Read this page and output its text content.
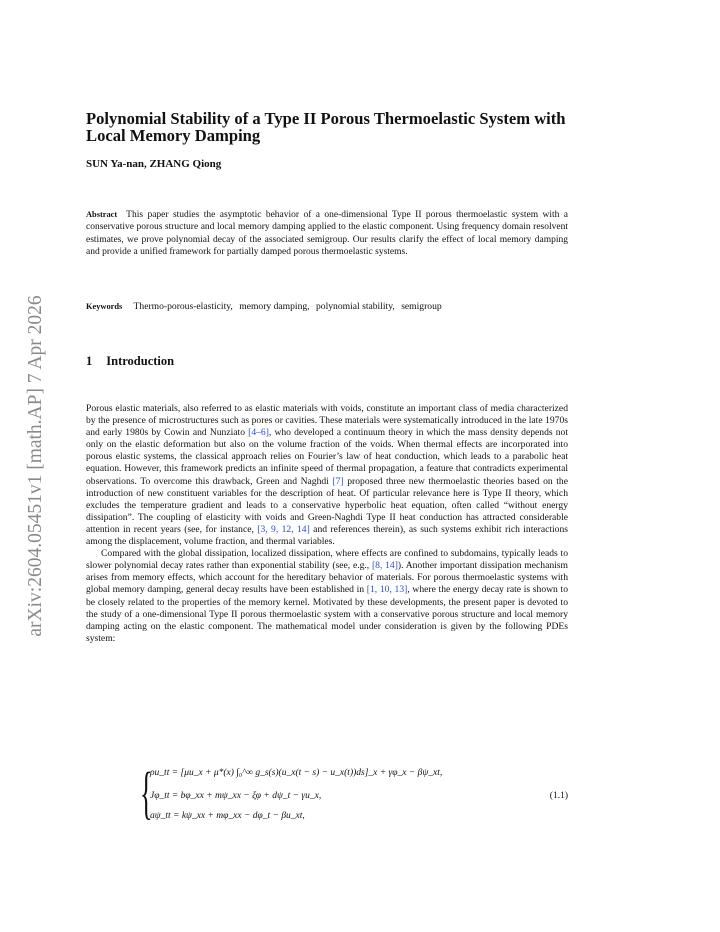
arXiv:2604.05451v1 [math.AP] 7 Apr 2026
Polynomial Stability of a Type II Porous Thermoelastic System with Local Memory Damping
SUN Ya-nan, ZHANG Qiong
Abstract This paper studies the asymptotic behavior of a one-dimensional Type II porous thermoelastic system with a conservative porous structure and local memory damping applied to the elastic component. Using frequency domain resolvent estimates, we prove polynomial decay of the associated semigroup. Our results clarify the effect of local memory damping and provide a unified framework for partially damped porous thermoelastic systems.
Keywords Thermo-porous-elasticity, memory damping, polynomial stability, semigroup
1 Introduction

Porous elastic materials, also referred to as elastic materials with voids, constitute an important class of media characterized by the presence of microstructures such as pores or cavities. These materials were systematically introduced in the late 1970s and early 1980s by Cowin and Nunziato [4–6], who developed a continuum theory in which the mass density depends not only on the elastic deformation but also on the volume fraction of the voids. When thermal effects are incorporated into porous elastic systems, the classical approach relies on Fourier’s law of heat conduction, which leads to a parabolic heat equation. However, this framework predicts an infinite speed of thermal propagation, a feature that contradicts experimental observations. To overcome this drawback, Green and Naghdi [7] proposed three new thermoelastic theories based on the introduction of new constituent variables for the description of heat. Of particular relevance here is Type II theory, which excludes the temperature gradient and leads to a conservative hyperbolic heat equation, often called “without energy dissipation”. The coupling of elasticity with voids and Green-Naghdi Type II heat conduction has attracted considerable attention in recent years (see, for instance, [3, 9, 12, 14] and references therein), as such systems exhibit rich interactions among the displacement, volume fraction, and thermal variables.

Compared with the global dissipation, localized dissipation, where effects are confined to subdomains, typically leads to slower polynomial decay rates rather than exponential stability (see, e.g., [8, 14]). Another important dissipation mechanism arises from memory effects, which account for the hereditary behavior of materials. For porous thermoelastic systems with global memory damping, general decay results have been established in [1, 10, 13], where the energy decay rate is shown to be closely related to the properties of the memory kernel. Motivated by these developments, the present paper is devoted to the study of a one-dimensional Type II porous thermoelastic system with a conservative porous structure and local memory damping acting on the elastic component. The mathematical model under consideration is given by the following PDEs system:

{
ρu_tt = [μu_x + μ*(x) ∫₀^∞ g_s(s)(u_x(t − s) − u_x(t))ds]_x + γφ_x − βψ_xt,
Jφ_tt = bφ_xx + mψ_xx − ξφ + dψ_t − γu_x,
aψ_tt = kψ_xx + mφ_xx − dφ_t − βu_xt,
(1.1)
